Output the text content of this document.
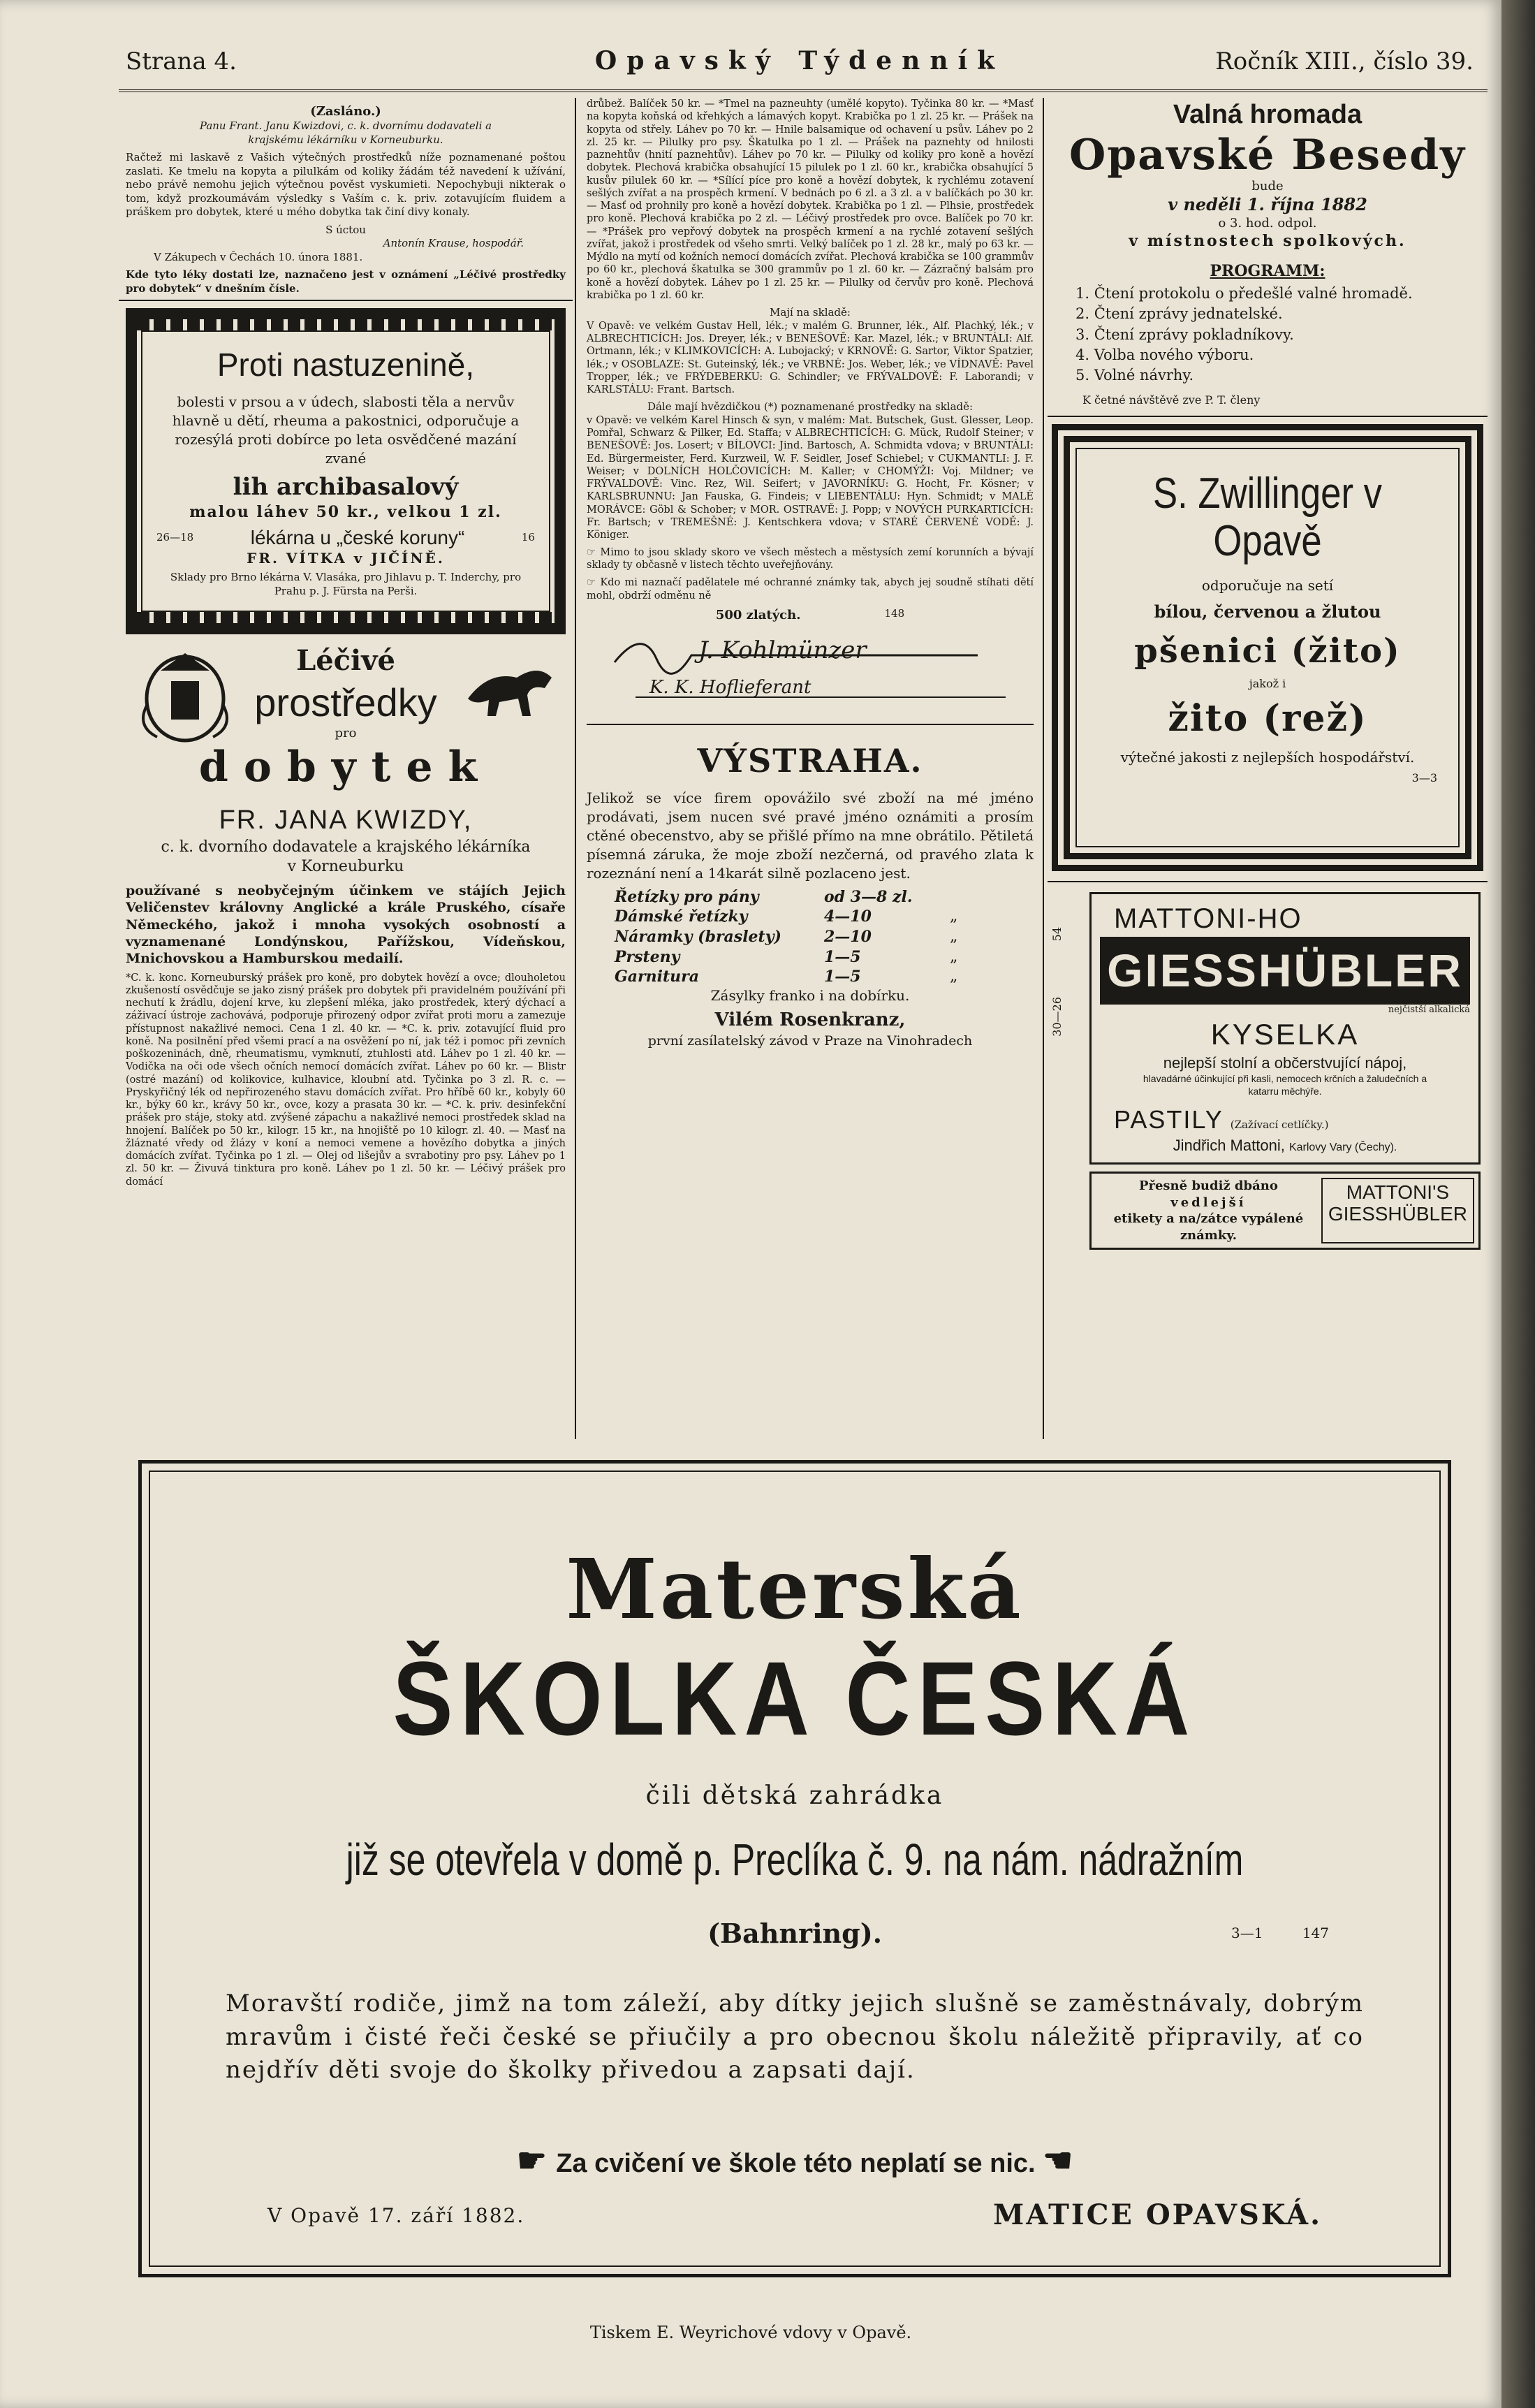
Strana 4.	Opavský Týdenník	Ročník XIII., číslo 39.
(Zasláno.)
Panu Frant. Janu Kwizdovi, c. k. dvornímu dodavateli a
krajskému lékárníku v Korneuburku.

Račtež mi laskavě z Vašich výtečných prostředků níže poznamenané poštou zaslati. Ke tmelu na kopyta a pilulkám od koliky žádám též navedení k užívání, nebo právě nemohu jejich výtečnou pověst vyskumieti. Nepochybuji nikterak o tom, když prozkoumávám výsledky s Vaším c. k. priv. zotavujícím fluidem a práškem pro dobytek, které u mého dobytka tak činí divy konaly.

S úctou
Antonín Krause, hospodář.
V Zákupech v Čechách 10. února 1881.

Kde tyto léky dostati lze, naznačeno jest v oznámení „Léčivé prostředky pro dobytek“ v dnešním čísle.

Proti nastuzenině,

bolesti v prsou a v údech, slabosti těla a nervův hlavně u dětí, rheuma a pakostnici, odporučuje a rozesýlá proti dobírce po leta osvědčené mazání zvané

lih archibasalový
malou láhev 50 kr., velkou 1 zl.
26—18	lékárna u „české koruny“	16
FR. VÍTKA v JIČÍNĚ.

Sklady pro Brno lékárna V. Vlasáka, pro Jihlavu p. T. Inderchy, pro Prahu p. J. Fürsta na Perši.

Léčivé
prostředky
pro
dobytek
FR. JANA KWIZDY,
c. k. dvorního dodavatele a krajského lékárníka
v Korneuburku

používané s neobyčejným účinkem ve stájích Jejich Veličenstev královny Anglické a krále Pruského, císaře Německého, jakož i mnoha vysokých osobností a vyznamenané Londýnskou, Pařížskou, Vídeňskou, Mnichovskou a Hamburskou medailí.

*C. k. konc. Korneuburský prášek pro koně, pro dobytek hovězí a ovce; dlouholetou zkušeností osvědčuje se jako zisný prášek pro dobytek při pravidelném používání při nechutí k žrádlu, dojení krve, ku zlepšení mléka, jako prostředek, který dýchací a záživací ústroje zachovává, podporuje přirozený odpor zvířat proti moru a zamezuje přístupnost nakažlivé nemoci. Cena 1 zl. 40 kr. — *C. k. priv. zotavující fluid pro koně. Na posilnění před všemi prací a na osvěžení po ní, jak též i pomoc při zevních poškozeninách, dně, rheumatismu, vymknutí, ztuhlosti atd. Láhev po 1 zl. 40 kr. — Vodička na oči ode všech očních nemocí domácích zvířat. Láhev po 60 kr. — Blistr (ostré mazání) od kolikovice, kulhavice, kloubní atd. Tyčinka po 3 zl. R. c. — Pryskyřičný lék od nepřirozeného stavu domácích zvířat. Pro hříbě 60 kr., kobyly 60 kr., býky 60 kr., krávy 50 kr., ovce, kozy a prasata 30 kr. — *C. k. priv. desinfekční prášek pro stáje, stoky atd. zvýšené zápachu a nakažlivé nemoci prostředek sklad na hnojení. Balíček po 50 kr., kilogr. 15 kr., na hnojiště po 10 kilogr. zl. 40. — Masť na žláznaté vředy od žlázy v koní a nemoci vemene a hovězího dobytka a jiných domácích zvířat. Tyčinka po 1 zl. — Olej od lišejův a svrabotiny pro psy. Láhev po 1 zl. 50 kr. — Živuvá tinktura pro koně. Láhev po 1 zl. 50 kr. — Léčivý prášek pro domácí

drůbež. Balíček 50 kr. — *Tmel na pazneuhty (umělé kopyto). Tyčinka 80 kr. — *Masť na kopyta koňská od křehkých a lámavých kopyt. Krabička po 1 zl. 25 kr. — Prášek na kopyta od střely. Láhev po 70 kr. — Hnile balsamique od ochavení u psův. Láhev po 2 zl. 25 kr. — Pilulky pro psy. Škatulka po 1 zl. — Prášek na paznehty od hnilosti paznehtův (hnití paznehtův). Láhev po 70 kr. — Pilulky od koliky pro koně a hovězí dobytek. Plechová krabička obsahující 15 pilulek po 1 zl. 60 kr., krabička obsahující 5 kusův pilulek 60 kr. — *Sílící píce pro koně a hovězí dobytek, k rychlému zotavení sešlých zvířat a na prospěch krmení. V bednách po 6 zl. a 3 zl. a v balíčkách po 30 kr. — Masť od prohnily pro koně a hovězí dobytek. Krabička po 1 zl. — Plhsie, prostředek pro koně. Plechová krabička po 2 zl. — Léčivý prostředek pro ovce. Balíček po 70 kr. — *Prášek pro vepřový dobytek na prospěch krmení a na rychlé zotavení sešlých zvířat, jakož i prostředek od všeho smrti. Velký balíček po 1 zl. 28 kr., malý po 63 kr. — Mýdlo na mytí od kožních nemocí domácích zvířat. Plechová krabička se 100 grammův po 60 kr., plechová škatulka se 300 grammův po 1 zl. 60 kr. — Zázračný balsám pro koně a hovězí dobytek. Láhev po 1 zl. 25 kr. — Pilulky od červův pro koně. Plechová krabička po 1 zl. 60 kr.

Mají na skladě:

V Opavě: ve velkém Gustav Hell, lék.; v malém G. Brunner, lék., Alf. Plachký, lék.; v ALBRECHTICÍCH: Jos. Dreyer, lék.; v BENEŠOVĚ: Kar. Mazel, lék.; v BRUNTÁLI: Alf. Ortmann, lék.; v KLIMKOVICÍCH: A. Lubojacký; v KRNOVĚ: G. Sartor, Viktor Spatzier, lék.; v OSOBLAZE: St. Guteinský, lék.; ve VRBNÉ: Jos. Weber, lék.; ve VÍDNAVĚ: Pavel Tropper, lék.; ve FRÝDEBERKU: G. Schindler; ve FRÝVALDOVĚ: F. Laborandi; v KARLSTÁLU: Frant. Bartsch.

Dále mají hvězdičkou (*) poznamenané prostředky na skladě:

v Opavě: ve velkém Karel Hinsch & syn, v malém: Mat. Butschek, Gust. Glesser, Leop. Pomřal, Schwarz & Pilker, Ed. Staffa; v ALBRECHTICÍCH: G. Mück, Rudolf Steiner; v BENEŠOVĚ: Jos. Losert; v BÍLOVCI: Jind. Bartosch, A. Schmidta vdova; v BRUNTÁLI: Ed. Bürgermeister, Ferd. Kurzweil, W. F. Seidler, Josef Schiebel; v CUKMANTLI: J. F. Weiser; v DOLNÍCH HOLČOVICÍCH: M. Kaller; v CHOMÝŽI: Voj. Mildner; ve FRÝVALDOVĚ: Vinc. Rez, Wil. Seifert; v JAVORNÍKU: G. Hocht, Fr. Kösner; v KARLSBRUNNU: Jan Fauska, G. Findeis; v LIEBENTÁLU: Hyn. Schmidt; v MALÉ MORÁVCE: Göbl & Schober; v MOR. OSTRAVĚ: J. Popp; v NOVÝCH PURKARTICÍCH: Fr. Bartsch; v TREMEŠNÉ: J. Kentschkera vdova; v STARÉ ČERVENÉ VODĚ: J. Königer.

☞ Mimo to jsou sklady skoro ve všech městech a městysích zemí korunních a bývají sklady ty občasně v listech těchto uveřejňovány.

☞ Kdo mi naznačí padělatele mé ochranné známky tak, abych jej soudně stíhati dětí mohl, obdrží odměnu ně

500 zlatých.	148
J. Kohlmünzer
K. K. Hoflieferant
VÝSTRAHA.

Jelikož se více firem opovážilo své zboží na mé jméno prodávati, jsem nucen své pravé jméno oznámiti a prosím ctěné obecenstvo, aby se přišlé přímo na mne obrátilo. Pětiletá písemná záruka, že moje zboží nezčerná, od pravého zlata k rozeznání není a 14karát silně pozlaceno jest.

Řetízky pro pány	od 3—8 zl.
Dámské řetízky	4—10	„
Náramky (braslety)	2—10	„
Prsteny	1—5	„
Garnitura	1—5	„
Zásylky franko i na dobírku.
Vilém Rosenkranz,
první zasílatelský závod v Praze na Vinohradech
Valná hromada
Opavské Besedy
bude
v neděli 1. října 1882
o 3. hod. odpol.
v místnostech spolkových.
PROGRAMM:
1. Čtení protokolu o předešlé valné hromadě.
2. Čtení zprávy jednatelské.
3. Čtení zprávy pokladníkovy.
4. Volba nového výboru.
5. Volné návrhy.
K četné návštěvě zve P. T. členy
S. Zwillinger v Opavě
odporučuje na setí
bílou, červenou a žlutou
pšenici (žito)
jakož i
žito (rež)
výtečné jakosti z nejlepších hospodářství.
3—3
30—26
54
MATTONI-HO
GIESSHÜBLER
nejčistší alkalická
KYSELKA
nejlepší stolní a občerstvující nápoj,
hlavadárné účinkující při kasli, nemocech krčních a žaludečních a katarru měchýře.
PASTILY (Zažívací cetlíčky.)
Jindřich Mattoni, Karlovy Vary (Čechy).
Přesně budiž dbáno
vedlejší
etikety a na/zátce vypálené známky.
MATTONI'S
GIESSHÜBLER
Materská
ŠKOLKA ČESKÁ
čili dětská zahrádka
již se otevřela v domě p. Preclíka č. 9. na nám. nádražním
(Bahnring).	3—1	147

Moravští rodiče, jimž na tom záleží, aby dítky jejich slušně se zaměstnávaly, dobrým mravům i čisté řeči české se přiučily a pro obecnou školu náležitě připravily, ať co nejdřív děti svoje do školky přivedou a zapsati dají.

☛ Za cvičení ve škole této neplatí se nic. ☚
V Opavě 17. září 1882.	MATICE OPAVSKÁ.
Tiskem E. Weyrichové vdovy v Opavě.
